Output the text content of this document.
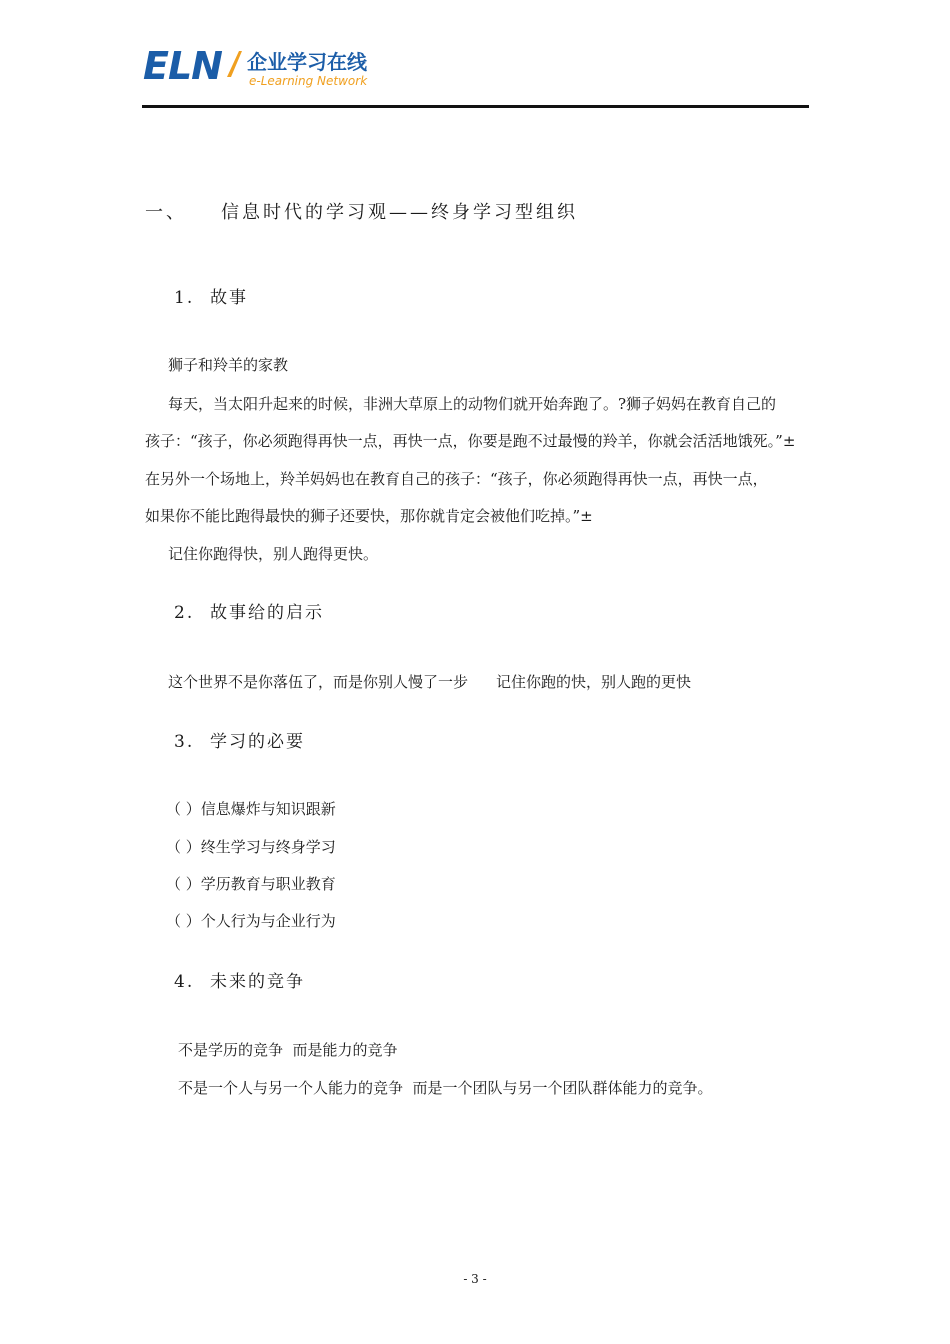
ELN 企业学习在线
e-Learning Network
一、 信息时代的学习观——终身学习型组织
1. 故事
狮子和羚羊的家教
每天，当太阳升起来的时候，非洲大草原上的动物们就开始奔跑了。?狮子妈妈在教育自己的
孩子：“孩子，你必须跑得再快一点，再快一点，你要是跑不过最慢的羚羊，你就会活活地饿死。”±
在另外一个场地上，羚羊妈妈也在教育自己的孩子：“孩子，你必须跑得再快一点，再快一点，
如果你不能比跑得最快的狮子还要快，那你就肯定会被他们吃掉。”±
记住你跑得快，别人跑得更快。
2. 故事给的启示
这个世界不是你落伍了，而是你别人慢了一步 记住你跑的快，别人跑的更快
3. 学习的必要
（ ）信息爆炸与知识跟新
（ ）终生学习与终身学习
（ ）学历教育与职业教育
（ ）个人行为与企业行为
4. 未来的竞争
不是学历的竞争  而是能力的竞争
不是一个人与另一个人能力的竞争  而是一个团队与另一个团队群体能力的竞争。
- 3 -
